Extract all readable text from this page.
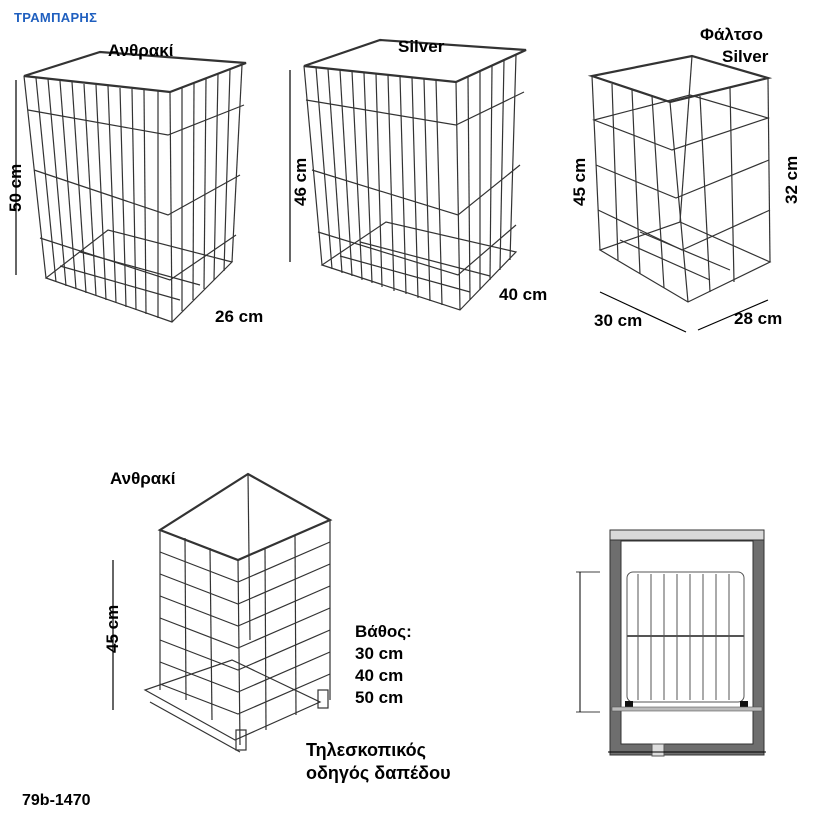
ΤΡΑΜΠΑΡΗΣ
Ανθρακί
50 cm
26 cm
Silver
46 cm
40 cm
Φάλτσο
Silver
45 cm	32 cm
30 cm	28 cm
Ανθρακί
45 cm	Βάθος:
30 cm
40 cm
50 cm
Τηλεσκοπικός
οδηγός δαπέδου
79b-1470
